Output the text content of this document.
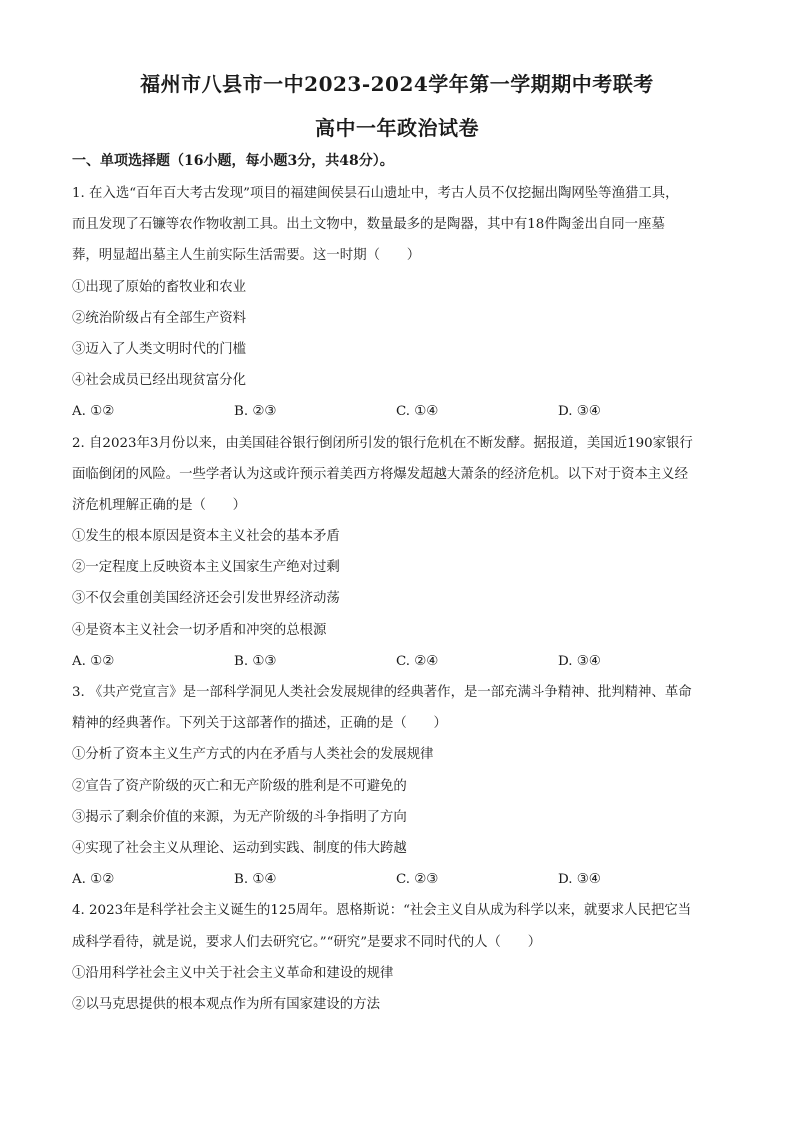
福州市八县市一中2023-2024学年第一学期期中考联考
高中一年政治试卷
一、单项选择题（16小题，每小题3分，共48分）。
1. 在入选“百年百大考古发现”项目的福建闽侯昙石山遗址中，考古人员不仅挖掘出陶网坠等渔猎工具，
而且发现了石镰等农作物收割工具。出土文物中，数量最多的是陶器，其中有18件陶釜出自同一座墓
葬，明显超出墓主人生前实际生活需要。这一时期（　　）
①出现了原始的畜牧业和农业
②统治阶级占有全部生产资料
③迈入了人类文明时代的门槛
④社会成员已经出现贫富分化
A. ①②	B. ②③	C. ①④	D. ③④
2. 自2023年3月份以来，由美国硅谷银行倒闭所引发的银行危机在不断发酵。据报道，美国近190家银行
面临倒闭的风险。一些学者认为这或许预示着美西方将爆发超越大萧条的经济危机。以下对于资本主义经
济危机理解正确的是（　　）
①发生的根本原因是资本主义社会的基本矛盾
②一定程度上反映资本主义国家生产绝对过剩
③不仅会重创美国经济还会引发世界经济动荡
④是资本主义社会一切矛盾和冲突的总根源
A. ①②	B. ①③	C. ②④	D. ③④
3. 《共产党宣言》是一部科学洞见人类社会发展规律的经典著作，是一部充满斗争精神、批判精神、革命
精神的经典著作。下列关于这部著作的描述，正确的是（　　）
①分析了资本主义生产方式的内在矛盾与人类社会的发展规律
②宣告了资产阶级的灭亡和无产阶级的胜利是不可避免的
③揭示了剩余价值的来源，为无产阶级的斗争指明了方向
④实现了社会主义从理论、运动到实践、制度的伟大跨越
A. ①②	B. ①④	C. ②③	D. ③④
4. 2023年是科学社会主义诞生的125周年。恩格斯说：“社会主义自从成为科学以来，就要求人民把它当
成科学看待，就是说，要求人们去研究它。”“研究”是要求不同时代的人（　　）
①沿用科学社会主义中关于社会主义革命和建设的规律
②以马克思提供的根本观点作为所有国家建设的方法
